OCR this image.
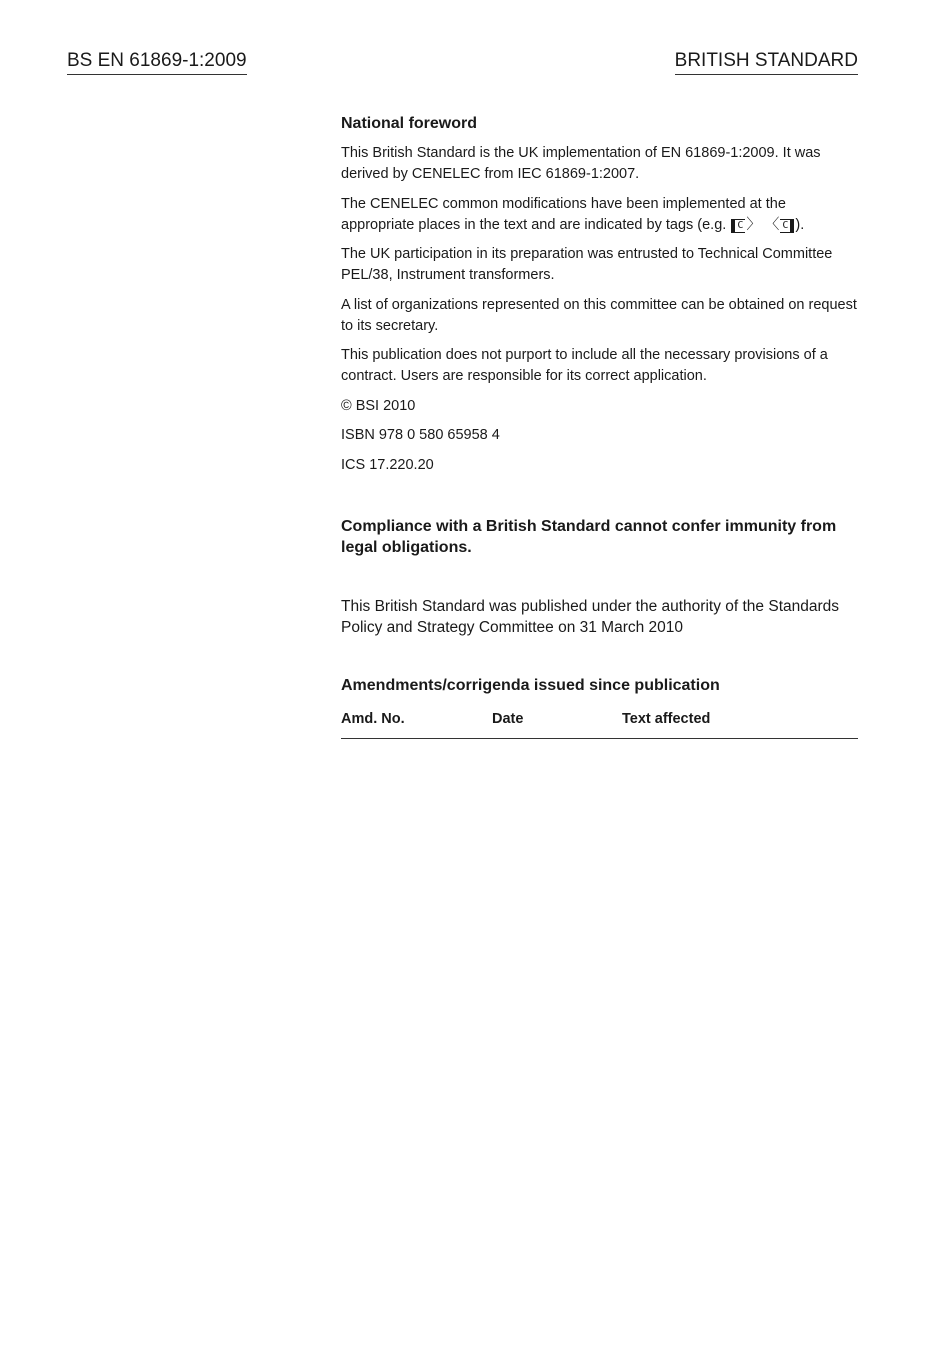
BS EN 61869-1:2009	BRITISH STANDARD
National foreword

This British Standard is the UK implementation of EN 61869-1:2009. It was derived by CENELEC from IEC 61869-1:2007.

The CENELEC common modifications have been implemented at the appropriate places in the text and are indicated by tags (e.g. C 〉 〈 C ).

The UK participation in its preparation was entrusted to Technical Committee PEL/38, Instrument transformers.

A list of organizations represented on this committee can be obtained on request to its secretary.

This publication does not purport to include all the necessary provisions of a contract. Users are responsible for its correct application.

© BSI 2010

ISBN 978 0 580 65958 4

ICS 17.220.20

Compliance with a British Standard cannot confer immunity from legal obligations.
This British Standard was published under the authority of the Standards Policy and Strategy Committee on 31 March 2010
Amendments/corrigenda issued since publication
Amd. No.	Date	Text affected
